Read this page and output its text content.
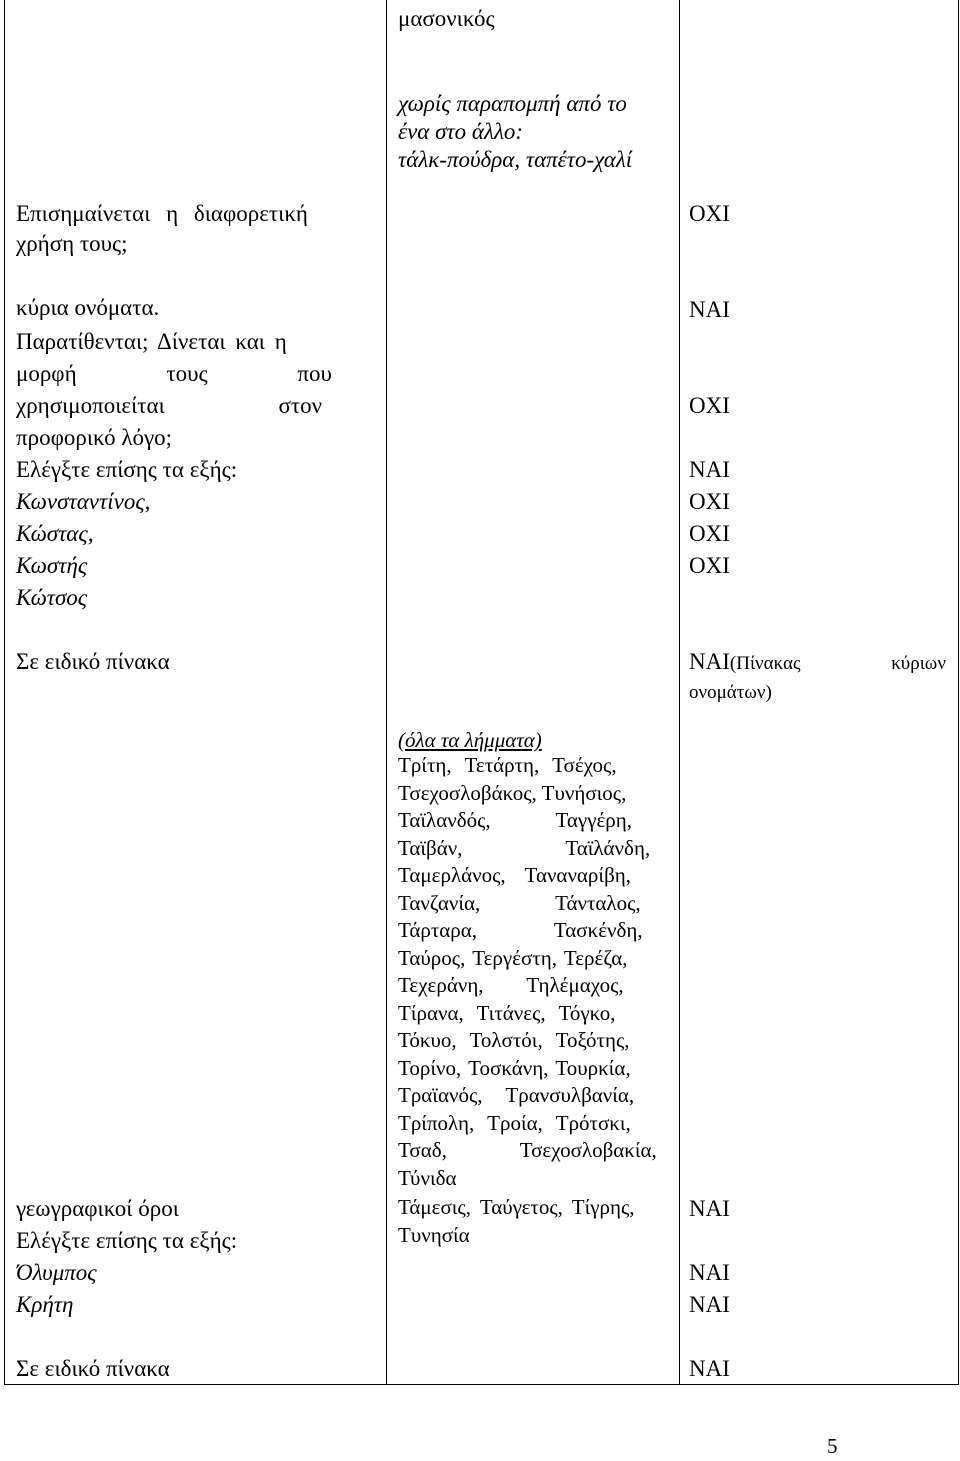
μασονικός
χωρίς παραπομπή από το
ένα στο άλλο:
τάλκ-πούδρα, ταπέτο-χαλί
Επισημαίνεται η διαφορετική
χρήση τους;
ΟΧΙ
κύρια ονόματα.
Παρατίθενται; Δίνεται και η
μορφή τους που
χρησιμοποιείται στον
προφορικό λόγο;
Ελέγξτε επίσης τα εξής:
Κωνσταντίνος,
Κώστας,
Κωστής
Κώτσος
ΝΑΙ
ΟΧΙ
ΝΑΙ
ΟΧΙ
ΟΧΙ
ΟΧΙ
Σε ειδικό πίνακα	ΝΑΙ(Πίνακας κύριων
ονομάτων)
(όλα τα λήμματα)
Τρίτη, Τετάρτη, Τσέχος,
Τσεχοσλοβάκος, Τυνήσιος,
Ταϊλανδός, Ταγγέρη,
Ταϊβάν, Ταϊλάνδη,
Ταμερλάνος, Ταναναρίβη,
Τανζανία, Τάνταλος,
Τάρταρα, Τασκένδη,
Ταύρος, Τεργέστη, Τερέζα,
Τεχεράνη, Τηλέμαχος,
Τίρανα, Τιτάνες, Τόγκο,
Τόκυο, Τολστόι, Τοξότης,
Τορίνο, Τοσκάνη, Τουρκία,
Τραϊανός, Τρανσυλβανία,
Τρίπολη, Τροία, Τρότσκι,
Τσαδ, Τσεχοσλοβακία,
Τύνιδα
Τάμεσις, Ταύγετος, Τίγρης,
Τυνησία
γεωγραφικοί όροι
Ελέγξτε επίσης τα εξής:
Όλυμπος
Κρήτη
ΝΑΙ
ΝΑΙ
ΝΑΙ
Σε ειδικό πίνακα	ΝΑΙ
5
